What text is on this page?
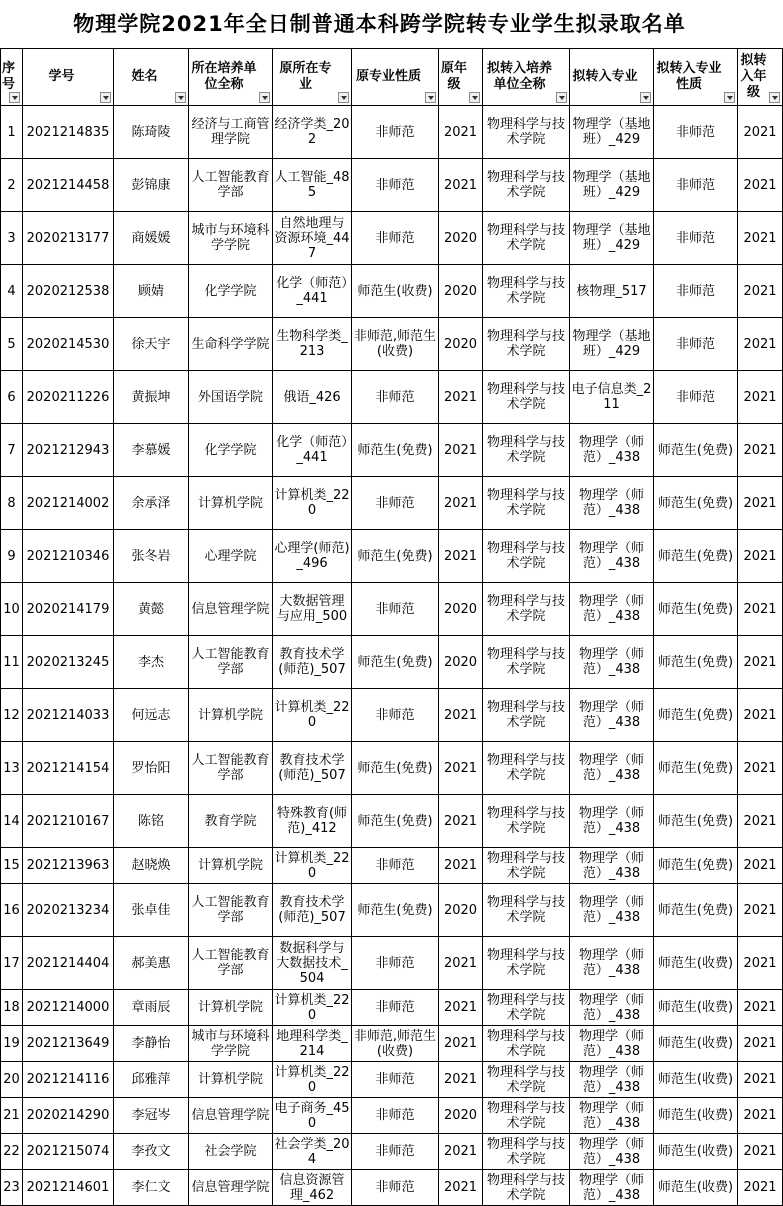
物理学院2021年全日制普通本科跨学院转专业学生拟录取名单
序号	学号	姓名	所在培养单位全称	原所在专业	原专业性质	原年级	拟转入培养单位全称	拟转入专业	拟转入专业性质	拟转入年级

1	2021214835	陈琦陵	经济与工商管理学院	经济学类_202	非师范	2021	物理科学与技术学院	物理学（基地班）_429	非师范	2021

2	2021214458	彭锦康	人工智能教育学部	人工智能_485	非师范	2021	物理科学与技术学院	物理学（基地班）_429	非师范	2021

3	2020213177	商媛媛	城市与环境科学学院	自然地理与资源环境_447	非师范	2020	物理科学与技术学院	物理学（基地班）_429	非师范	2021

4	2020212538	顾婧	化学学院	化学（师范）_441	师范生(收费)	2020	物理科学与技术学院	核物理_517	非师范	2021

5	2020214530	徐天宇	生命科学学院	生物科学类_213	非师范,师范生(收费)	2020	物理科学与技术学院	物理学（基地班）_429	非师范	2021

6	2020211226	黄振坤	外国语学院	俄语_426	非师范	2021	物理科学与技术学院	电子信息类_211	非师范	2021

7	2021212943	李慕媛	化学学院	化学（师范）_441	师范生(免费)	2021	物理科学与技术学院	物理学（师范）_438	师范生(免费)	2021

8	2021214002	余承泽	计算机学院	计算机类_220	非师范	2021	物理科学与技术学院	物理学（师范）_438	师范生(免费)	2021

9	2021210346	张冬岩	心理学院	心理学(师范)_496	师范生(免费)	2021	物理科学与技术学院	物理学（师范）_438	师范生(免费)	2021

10	2020214179	黄懿	信息管理学院	大数据管理与应用_500	非师范	2020	物理科学与技术学院	物理学（师范）_438	师范生(免费)	2021

11	2020213245	李杰	人工智能教育学部	教育技术学(师范)_507	师范生(免费)	2020	物理科学与技术学院	物理学（师范）_438	师范生(免费)	2021

12	2021214033	何远志	计算机学院	计算机类_220	非师范	2021	物理科学与技术学院	物理学（师范）_438	师范生(免费)	2021

13	2021214154	罗怡阳	人工智能教育学部	教育技术学(师范)_507	师范生(免费)	2021	物理科学与技术学院	物理学（师范）_438	师范生(免费)	2021

14	2021210167	陈铭	教育学院	特殊教育(师范)_412	师范生(免费)	2021	物理科学与技术学院	物理学（师范）_438	师范生(免费)	2021

15	2021213963	赵晓焕	计算机学院	计算机类_220	非师范	2021	物理科学与技术学院	物理学（师范）_438	师范生(免费)	2021

16	2020213234	张卓佳	人工智能教育学部	教育技术学(师范)_507	师范生(免费)	2020	物理科学与技术学院	物理学（师范）_438	师范生(免费)	2021

17	2021214404	郝美惠	人工智能教育学部	数据科学与大数据技术_504	非师范	2021	物理科学与技术学院	物理学（师范）_438	师范生(收费)	2021

18	2021214000	章雨辰	计算机学院	计算机类_220	非师范	2021	物理科学与技术学院	物理学（师范）_438	师范生(收费)	2021

19	2021213649	李静怡	城市与环境科学学院	地理科学类_214	非师范,师范生(收费)	2021	物理科学与技术学院	物理学（师范）_438	师范生(收费)	2021

20	2021214116	邱雅萍	计算机学院	计算机类_220	非师范	2021	物理科学与技术学院	物理学（师范）_438	师范生(收费)	2021

21	2020214290	李冠岑	信息管理学院	电子商务_450	非师范	2020	物理科学与技术学院	物理学（师范）_438	师范生(收费)	2021

22	2021215074	李孜文	社会学院	社会学类_204	非师范	2021	物理科学与技术学院	物理学（师范）_438	师范生(收费)	2021

23	2021214601	李仁文	信息管理学院	信息资源管理_462	非师范	2021	物理科学与技术学院	物理学（师范）_438	师范生(收费)	2021
